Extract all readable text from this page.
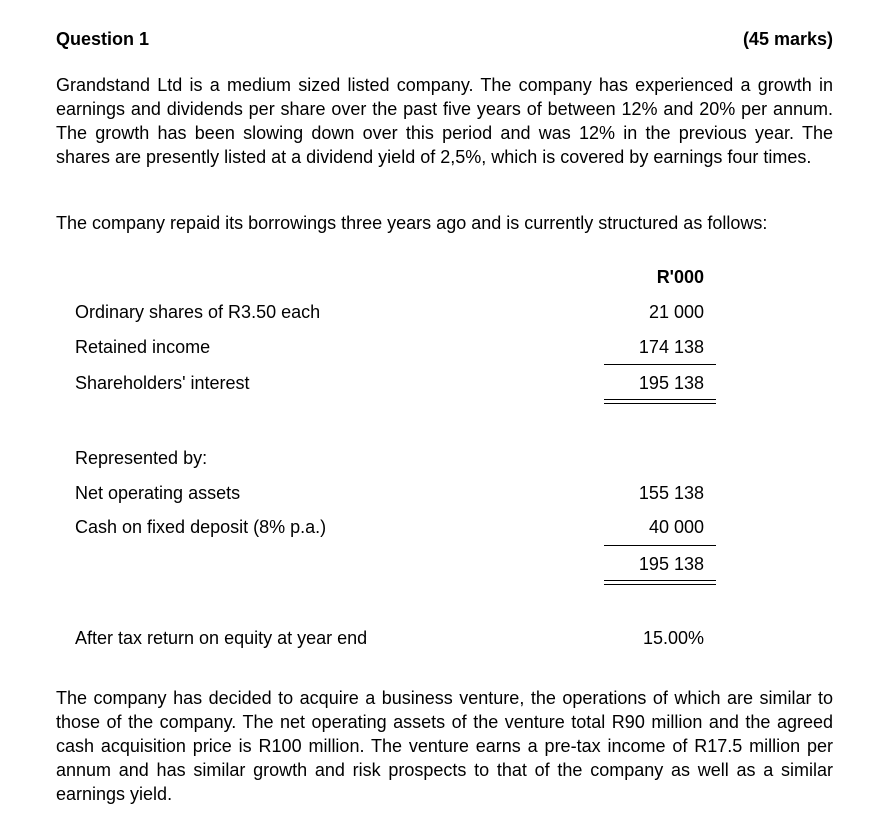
Question 1	(45 marks)
Grandstand Ltd is a medium sized listed company. The company has experienced a growth in earnings and dividends per share over the past five years of between 12% and 20% per annum. The growth has been slowing down over this period and was 12% in the previous year. The shares are presently listed at a dividend yield of 2,5%, which is covered by earnings four times.
The company repaid its borrowings three years ago and is currently structured as follows:
R'000
Ordinary shares of R3.50 each	21 000
Retained income	174 138
Shareholders' interest	195 138
Represented by:
Net operating assets	155 138
Cash on fixed deposit (8% p.a.)	40 000
195 138
After tax return on equity at year end	15.00%
The company has decided to acquire a business venture, the operations of which are similar to those of the company. The net operating assets of the venture total R90 million and the agreed cash acquisition price is R100 million. The venture earns a pre-tax income of R17.5 million per annum and has similar growth and risk prospects to that of the company as well as a similar earnings yield.
